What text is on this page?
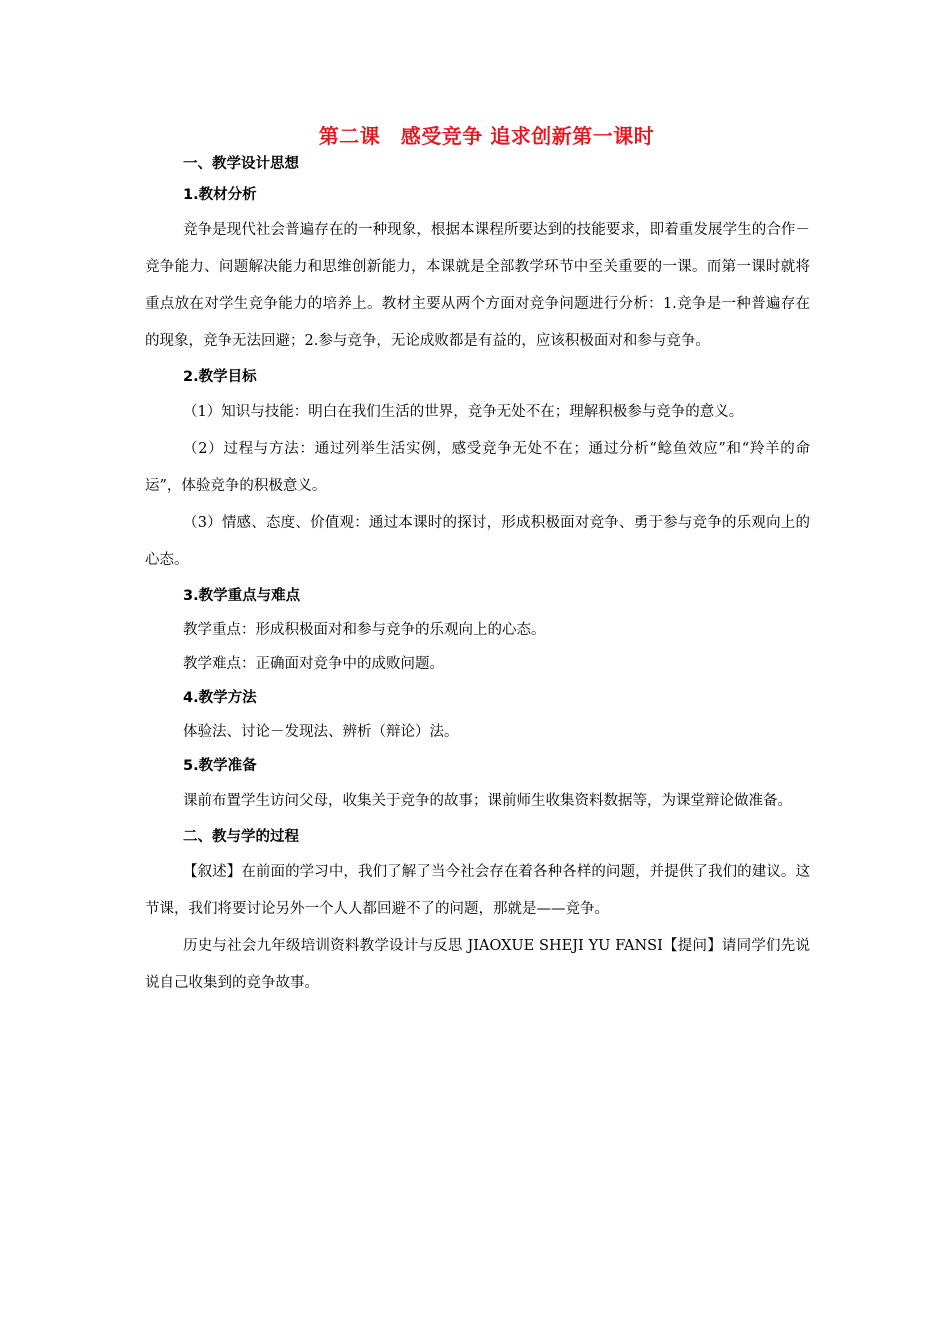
第二课　感受竞争 追求创新第一课时
一、教学设计思想
1.教材分析

竞争是现代社会普遍存在的一种现象，根据本课程所要达到的技能要求，即着重发展学生的合作－竞争能力、问题解决能力和思维创新能力，本课就是全部教学环节中至关重要的一课。而第一课时就将重点放在对学生竞争能力的培养上。教材主要从两个方面对竞争问题进行分析：1.竞争是一种普遍存在的现象，竞争无法回避；2.参与竞争，无论成败都是有益的，应该积极面对和参与竞争。

2.教学目标

（1）知识与技能：明白在我们生活的世界，竞争无处不在；理解积极参与竞争的意义。

（2）过程与方法：通过列举生活实例，感受竞争无处不在；通过分析“鲶鱼效应”和“羚羊的命运”，体验竞争的积极意义。

（3）情感、态度、价值观：通过本课时的探讨，形成积极面对竞争、勇于参与竞争的乐观向上的心态。

3.教学重点与难点
教学重点：形成积极面对和参与竞争的乐观向上的心态。
教学难点：正确面对竞争中的成败问题。
4.教学方法
体验法、讨论－发现法、辨析（辩论）法。
5.教学准备

课前布置学生访问父母，收集关于竞争的故事；课前师生收集资料数据等，为课堂辩论做准备。

二、教与学的过程

【叙述】在前面的学习中，我们了解了当今社会存在着各种各样的问题，并提供了我们的建议。这节课，我们将要讨论另外一个人人都回避不了的问题，那就是——竞争。

历史与社会九年级培训资料教学设计与反思 JIAOXUE SHEJI YU FANSI【提问】请同学们先说说自己收集到的竞争故事。
